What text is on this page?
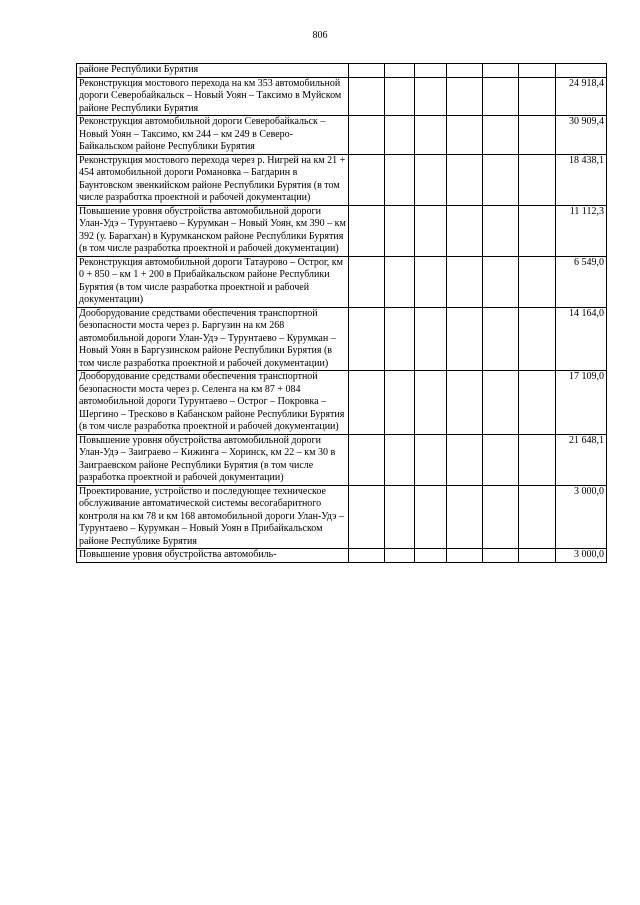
806
районе Республики Бурятия							
Реконструкция мостового перехода на км 353 автомобильной дороги Северобайкальск – Новый Уоян – Таксимо в Муйском районе Республики Бурятия							24 918,4
Реконструкция автомобильной дороги Северобайкальск – Новый Уоян – Таксимо, км 244 – км 249 в Северо-Байкальском районе Республики Бурятия							30 909,4
Реконструкция мостового перехода через р. Нигрей на км 21 + 454 автомобильной дороги Романовка – Багдарин в Баунтовском эвенкийском районе Республики Бурятия (в том числе разработка проектной и рабочей документации)							18 438,1
Повышение уровня обустройства автомобильной дороги Улан-Удэ – Турунтаево – Курумкан – Новый Уоян, км 390 – км 392 (у. Барагхан) в Курумканском районе Республики Бурятия (в том числе разработка проектной и рабочей документации)							11 112,3
Реконструкция автомобильной дороги Татаурово – Острог, км 0 + 850 – км 1 + 200 в Прибайкальском районе Республики Бурятия (в том числе разработка проектной и рабочей документации)							6 549,0
Дооборудование средствами обеспечения транспортной безопасности моста через р. Баргузин на км 268 автомобильной дороги Улан-Удэ – Турунтаево – Курумкан – Новый Уоян в Баргузинском районе Республики Бурятия (в том числе разработка проектной и рабочей документации)							14 164,0
Дооборудование средствами обеспечения транспортной безопасности моста через р. Селенга на км 87 + 084 автомобильной дороги Турунтаево – Острог – Покровка – Шергино – Тресково в Кабанском районе Республики Бурятия (в том числе разработка проектной и рабочей документации)							17 109,0
Повышение уровня обустройства автомобильной дороги Улан-Удэ – Заиграево – Кижинга – Хоринск, км 22 – км 30 в Заиграевском районе Республики Бурятия (в том числе разработка проектной и рабочей документации)							21 648,1
Проектирование, устройство и последующее техническое обслуживание автоматической системы весогабаритного контроля на км 78 и км 168 автомобильной дороги Улан-Удэ – Турунтаево – Курумкан – Новый Уоян в Прибайкальском районе Республике Бурятия							3 000,0
Повышение уровня обустройства автомобиль-							3 000,0
